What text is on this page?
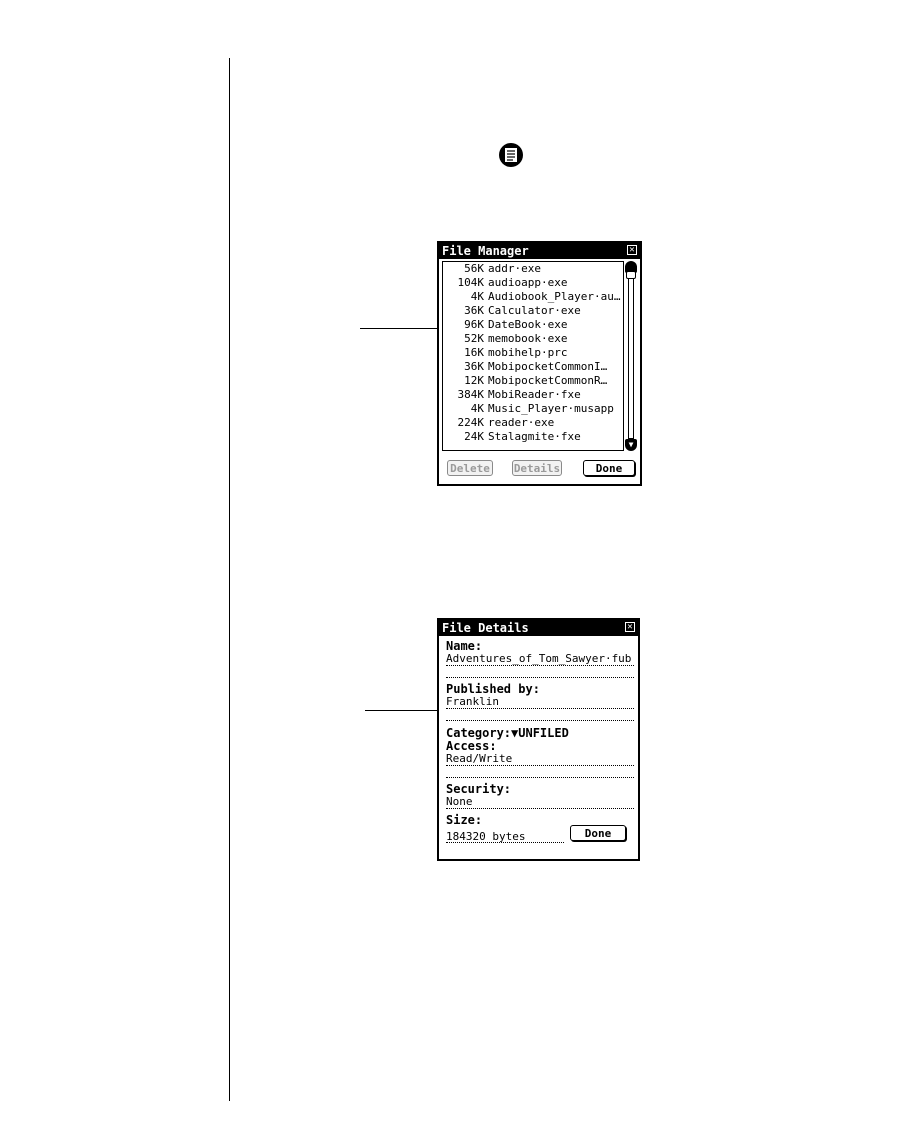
File Manager	✕
56K addr·exe
104K audioapp·exe
4K Audiobook_Player·au…
36K Calculator·exe
96K DateBook·exe
52K memobook·exe
16K mobihelp·prc
36K MobipocketCommonI…
12K MobipocketCommonR…
384K MobiReader·fxe
4K Music_Player·musapp
224K reader·exe
24K Stalagmite·fxe
▼
Delete Details	Done
File Details	✕
Name:
Adventures_of_Tom_Sawyer·fub
Published by:
Franklin
Category:▼UNFILED
Access:
Read/Write
Security:
None
Size:
184320 bytes	Done
